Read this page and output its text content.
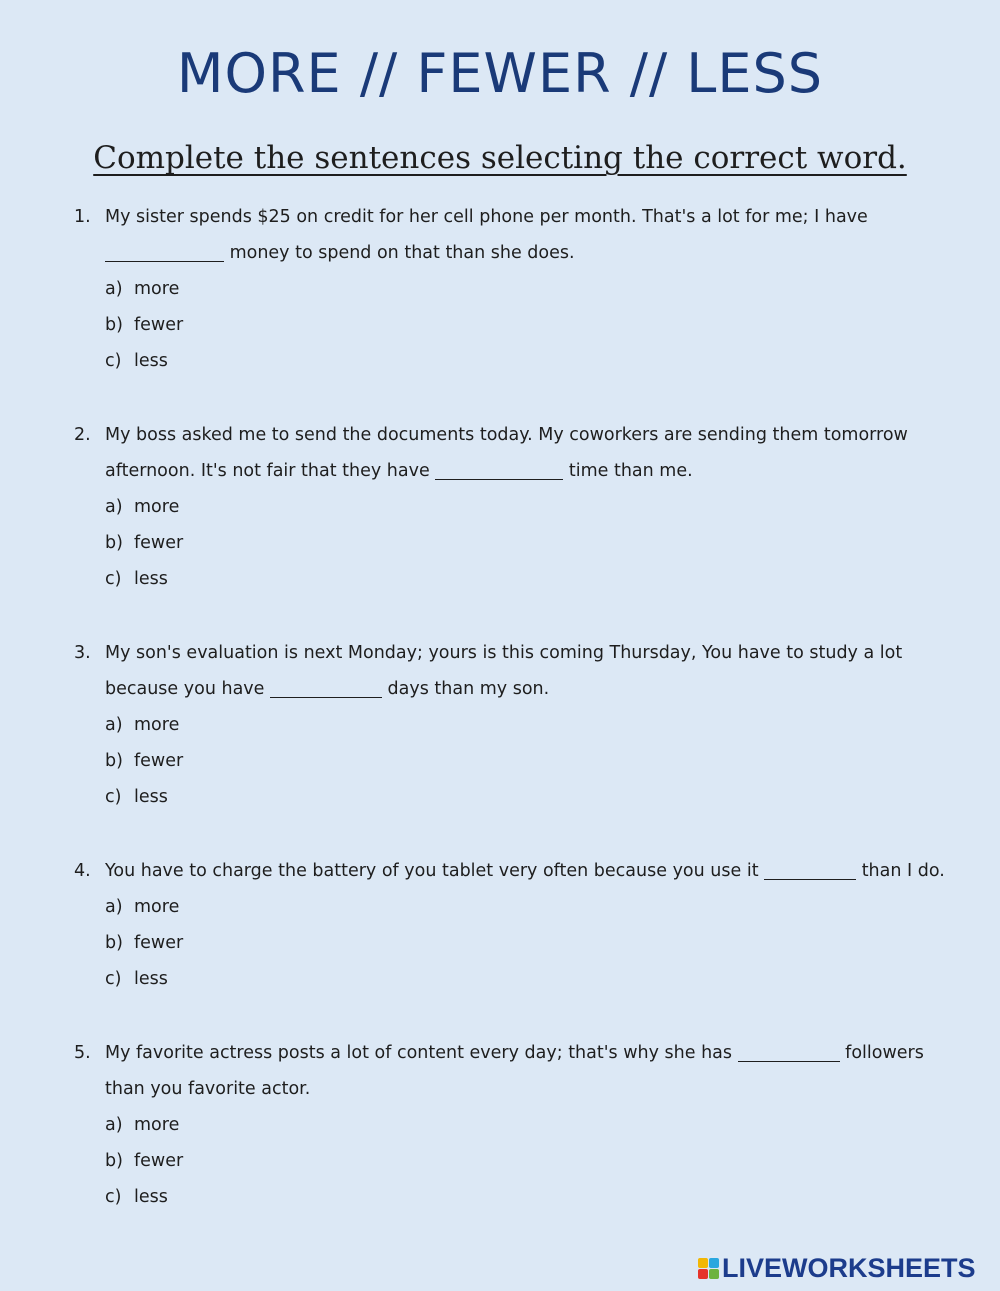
MORE // FEWER // LESS
Complete the sentences selecting the correct word.
1. My sister spends $25 on credit for her cell phone per month. That's a lot for me; I have  money to spend on that than she does.
a) more
b) fewer
c) less
2. My boss asked me to send the documents today. My coworkers are sending them tomorrow afternoon. It's not fair that they have	time than me.
a) more
b) fewer
c) less
3. My son's evaluation is next Monday; yours is this coming Thursday, You have to study a lot because you have	days than my son.
a) more
b) fewer
c) less
4. You have to charge the battery of you tablet very often because you use it	than I do.
a) more
b) fewer
c) less
5. My favorite actress posts a lot of content every day; that's why she has	followers than you favorite actor.
a) more
b) fewer
c) less
LIVEWORKSHEETS
